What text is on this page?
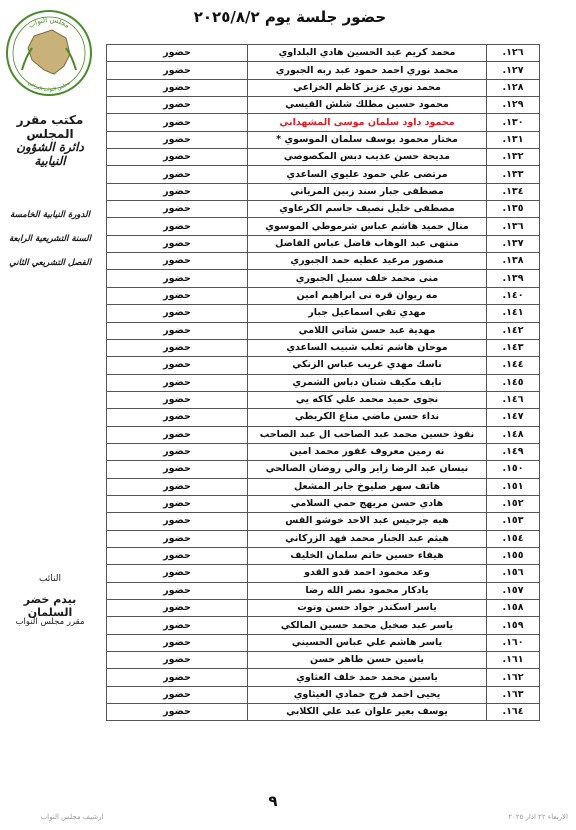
حضور جلسة يوم ٢٠٢٥/٨/٢
مجلس النواب
مجلس النواب العراقي
مكتب مقرر المجلس
دائرة الشؤون النيابية
الدورة النيابية الخامسة
السنة التشريعية الرابعة
الفصل التشريعي الثاني
النائب
بيدم خضر السلمان
مقرر مجلس النواب
١٢٦.	محمد كريم عبد الحسين هادي البلداوي	حضور
١٢٧.	محمد نوري احمد حمود عبد ربه الجبوري	حضور
١٢٨.	محمد نوري عزيز كاظم الخزاعي	حضور
١٢٩.	محمود حسين مطلك شلش القيسي	حضور
١٣٠.	محمود داود سلمان موسى المشهداني	حضور
١٣١.	مختار محمود يوسف سلمان الموسوي *	حضور
١٣٢.	مديحة حسن عذيب دبس المكصوصي	حضور
١٣٣.	مرتضى علي حمود عليوي الساعدي	حضور
١٣٤.	مصطفى جبار سند زبين المرياني	حضور
١٣٥.	مصطفى خليل نصيف جاسم الكرعاوي	حضور
١٣٦.	منال حميد هاشم عباس شرموطي الموسوي	حضور
١٣٧.	منتهى عبد الوهاب فاضل عباس الفاضل	حضور
١٣٨.	منصور مرعيد عطيه حمد الجبوري	حضور
١٣٩.	منى محمد خلف سبيل الجبوري	حضور
١٤٠.	مه ريوان قره نى ابراهيم امين	حضور
١٤١.	مهدي تقي اسماعيل جبار	حضور
١٤٢.	مهدية عبد حسن شاتي اللامي	حضور
١٤٣.	موحان هاشم ثعلب شبيب الساعدي	حضور
١٤٤.	ناسك مهدي غريب عباس الزنكي	حضور
١٤٥.	نايف مكيف شنان دباس الشمري	حضور
١٤٦.	نجوى حميد محمد علي كاكه يي	حضور
١٤٧.	نداء حسن ماضي مناع الكريطي	حضور
١٤٨.	نفوذ حسين محمد عبد الصاحب ال عبد الصاحب	حضور
١٤٩.	نه رمين معروف غفور محمد امين	حضور
١٥٠.	نيسان عبد الرضا زاير والي روضان الصالحي	حضور
١٥١.	هاتف سهر صليوخ جابر المشعل	حضور
١٥٢.	هادي حسن مريهج حمي السلامي	حضور
١٥٣.	هيه جرجيس عبد الاحد خوشو القس	حضور
١٥٤.	هيثم عبد الجبار محمد فهد الزركاني	حضور
١٥٥.	هيفاء حسين حاتم سلمان الخليف	حضور
١٥٦.	وعد محمود احمد قدو القدو	حضور
١٥٧.	يادكار محمود نصر الله رضا	حضور
١٥٨.	ياسر اسكندر جواد حسن وتوت	حضور
١٥٩.	ياسر عبد صخيل محمد حسين المالكي	حضور
١٦٠.	ياسر هاشم علي عباس الحسيني	حضور
١٦١.	ياسين حسن طاهر حسن	حضور
١٦٢.	ياسين محمد حمد خلف العثاوي	حضور
١٦٣.	يحيى احمد فرج حمادي العيثاوي	حضور
١٦٤.	يوسف بعير علوان عبد علي الكلابي	حضور
٩
ارشيف مجلس النواب	الاربعاء ٢٢ اذار ٢٠٢٥
